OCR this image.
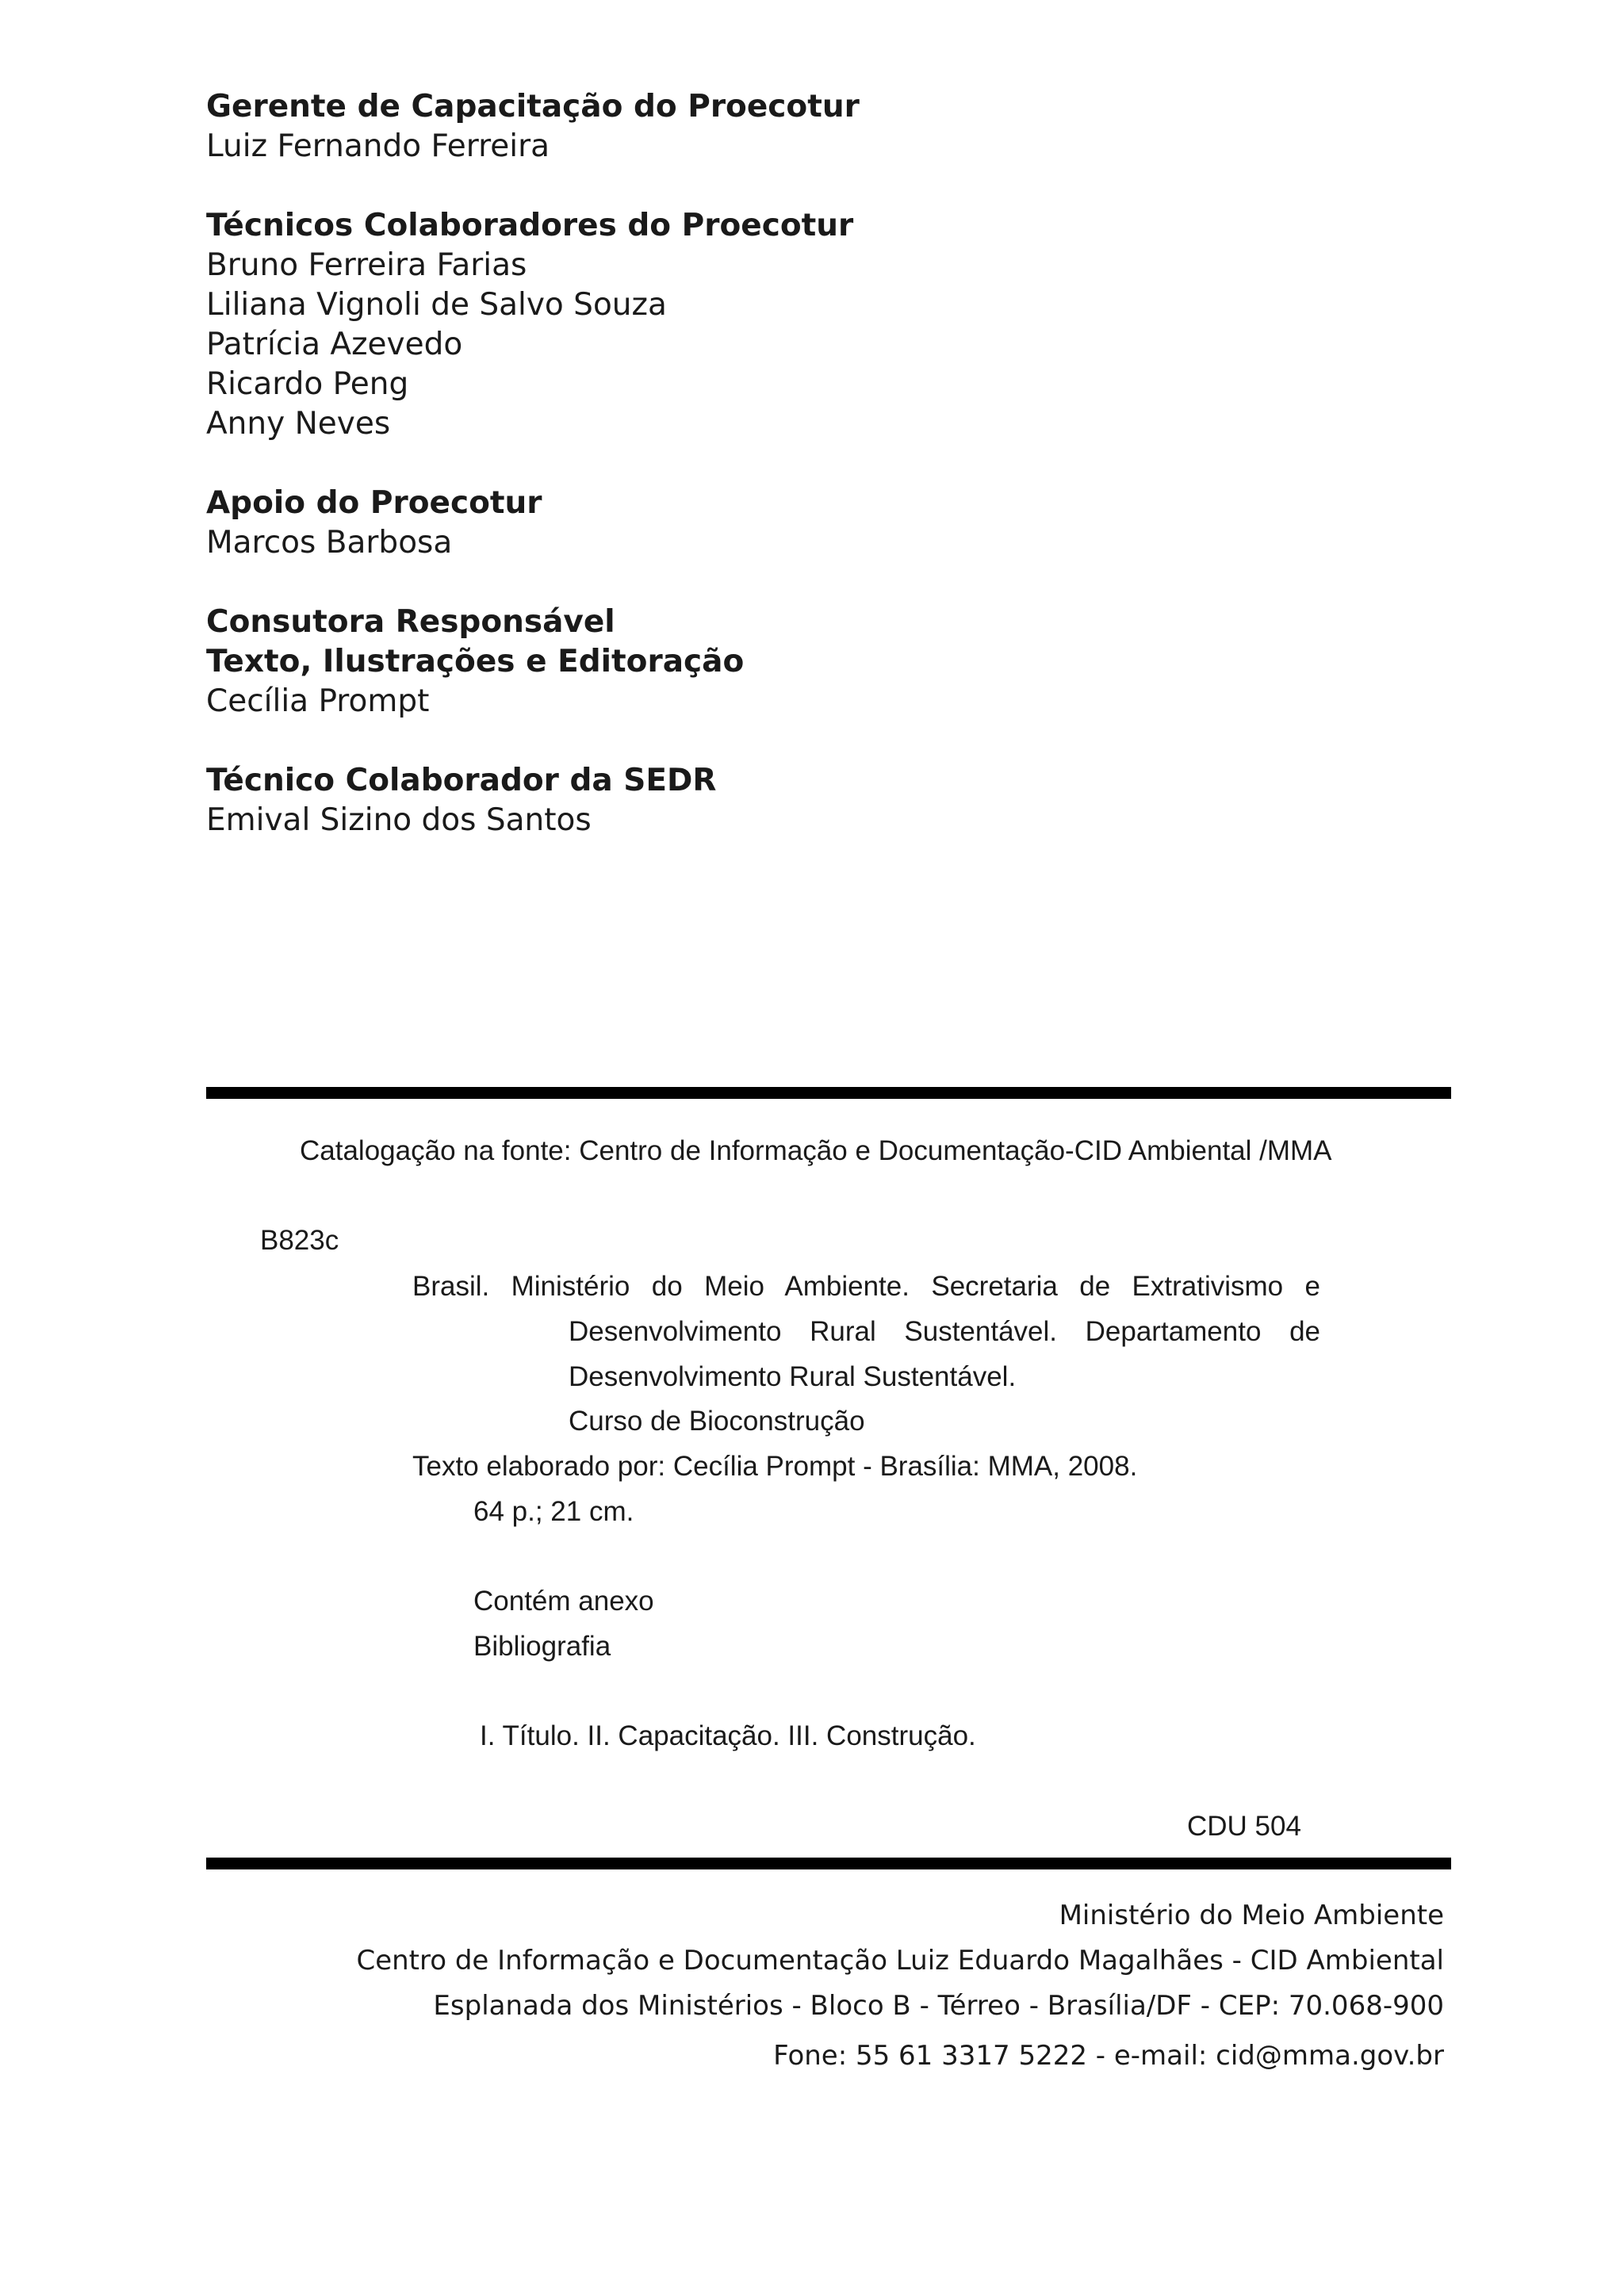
Gerente de Capacitação do Proecotur
Luiz Fernando Ferreira
Técnicos Colaboradores do Proecotur
Bruno Ferreira Farias
Liliana Vignoli de Salvo Souza
Patrícia Azevedo
Ricardo Peng
Anny Neves
Apoio do Proecotur
Marcos Barbosa
Consutora Responsável
Texto, Ilustrações e Editoração
Cecília Prompt
Técnico Colaborador da SEDR
Emival Sizino dos Santos
Catalogação na fonte: Centro de Informação e Documentação-CID Ambiental /MMA
B823c
Brasil. Ministério do Meio Ambiente. Secretaria de Extrativismo e
Desenvolvimento Rural Sustentável. Departamento de
Desenvolvimento Rural Sustentável.
Curso de Bioconstrução
Texto elaborado por: Cecília Prompt - Brasília: MMA, 2008.
64 p.; 21 cm.
Contém anexo
Bibliografia
I. Título. II. Capacitação. III. Construção.
CDU 504
Ministério do Meio Ambiente
Centro de Informação e Documentação Luiz Eduardo Magalhães - CID Ambiental
Esplanada dos Ministérios - Bloco B - Térreo - Brasília/DF - CEP: 70.068-900
Fone: 55 61 3317 5222 - e-mail: cid@mma.gov.br
